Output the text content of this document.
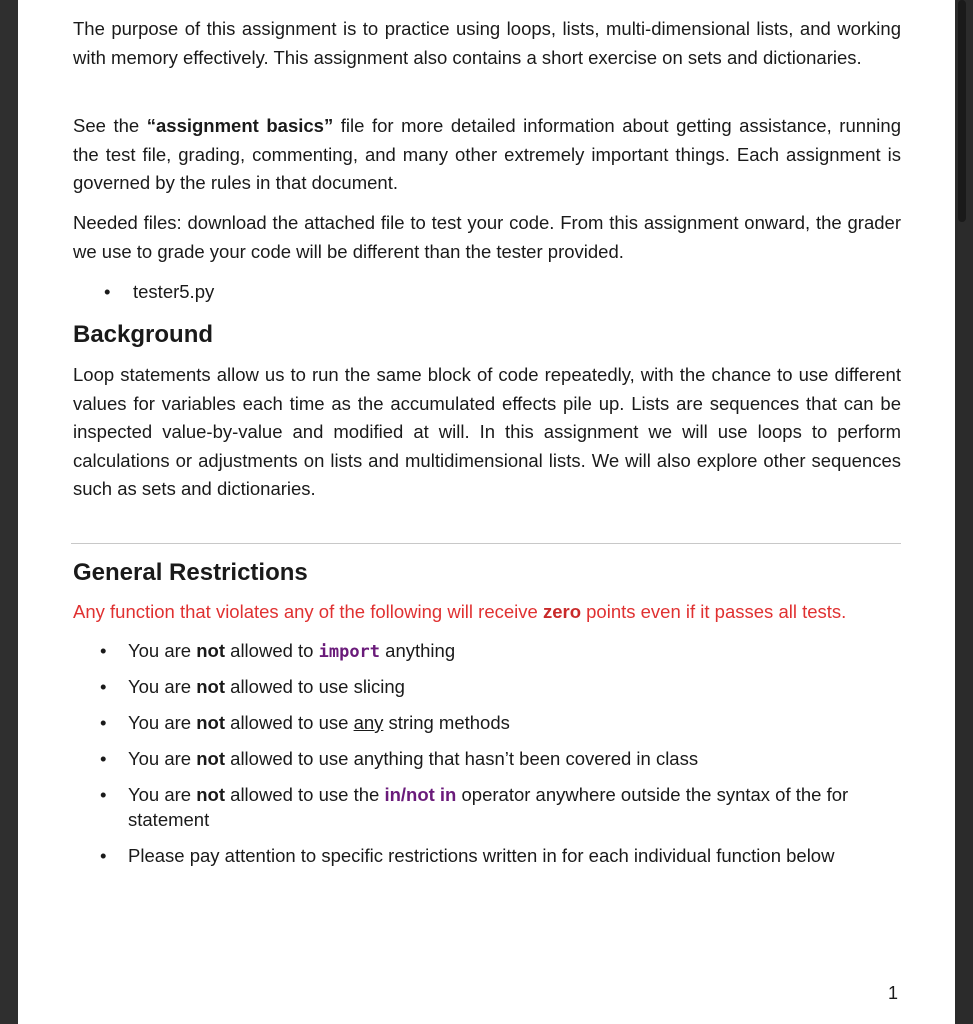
The purpose of this assignment is to practice using loops, lists, multi-dimensional lists, and working with memory effectively. This assignment also contains a short exercise on sets and dictionaries.

See the “assignment basics” file for more detailed information about getting assistance, running the test file, grading, commenting, and many other extremely important things. Each assignment is governed by the rules in that document.

Needed files: download the attached file to test your code. From this assignment onward, the grader we use to grade your code will be different than the tester provided.

• tester5.py
Background

Loop statements allow us to run the same block of code repeatedly, with the chance to use different values for variables each time as the accumulated effects pile up. Lists are sequences that can be inspected value-by-value and modified at will. In this assignment we will use loops to perform calculations or adjustments on lists and multidimensional lists. We will also explore other sequences such as sets and dictionaries.

General Restrictions
Any function that violates any of the following will receive zero points even if it passes all tests.
• You are not allowed to import anything
• You are not allowed to use slicing
• You are not allowed to use any string methods
• You are not allowed to use anything that hasn’t been covered in class
• You are not allowed to use the in/not in operator anywhere outside the syntax of the for statement
• Please pay attention to specific restrictions written in for each individual function below
1
